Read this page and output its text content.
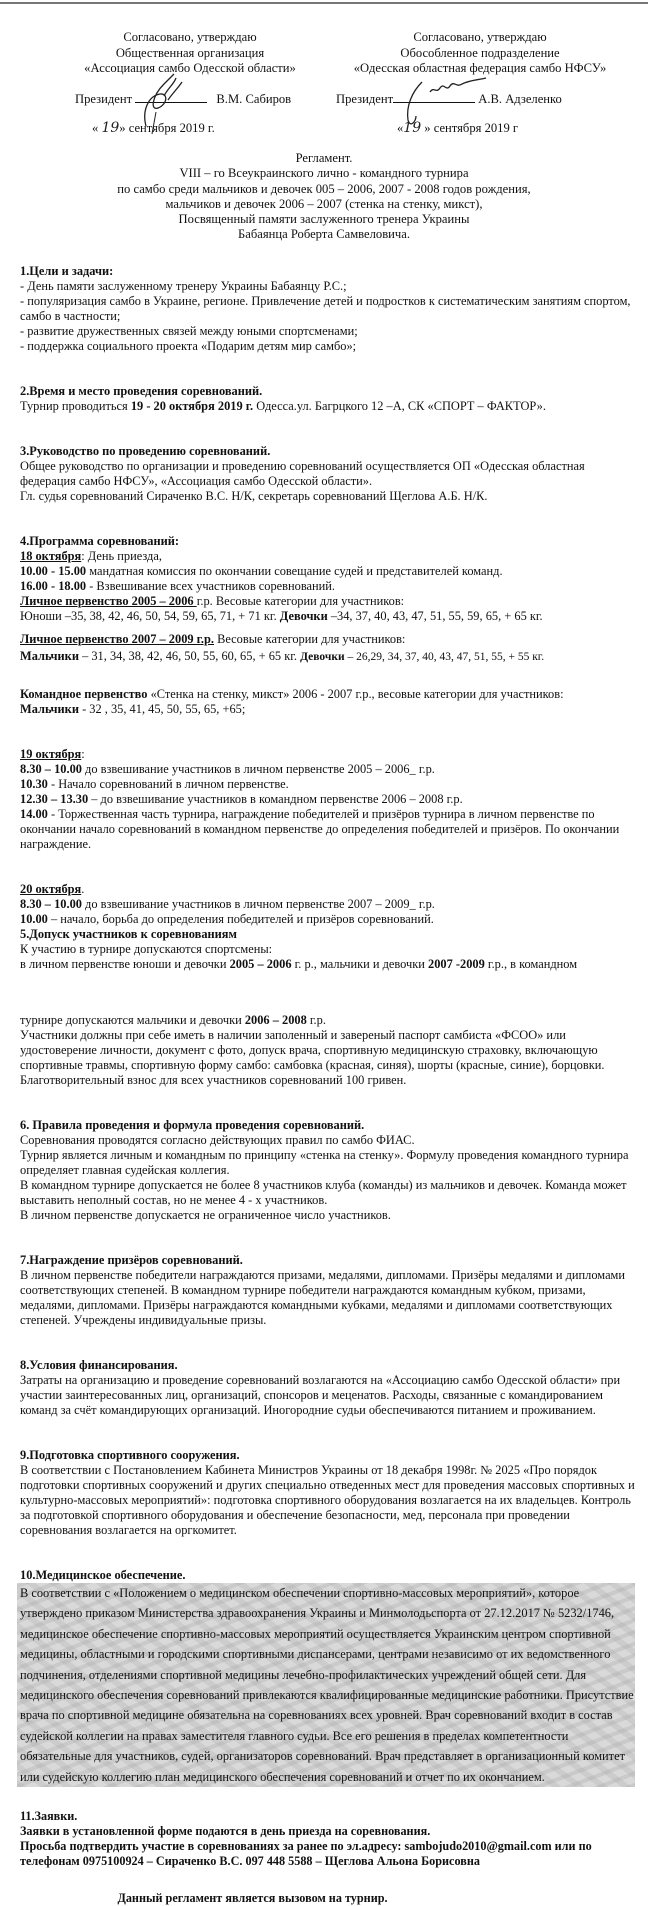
Согласовано, утверждаю

Общественная организация

«Ассоциация самбо Одесской области»

Президент	В.М. Сабиров
« 19» сентября 2019 г.

Согласовано, утверждаю

Обособленное подразделение

«Одесская областная федерация самбо НФСУ»

Президент	А.В. Адзеленко
«19 » сентября 2019 г

Регламент.

VIII – го Всеукраинского лично - командного турнира

по самбо среди мальчиков и девочек 005 – 2006, 2007 - 2008 годов рождения,

мальчиков и девочек 2006 – 2007 (стенка на стенку, микст),

Посвященный памяти заслуженного тренера Украины

Бабаянца Роберта Самвеловича.

1.Цели и задачи:

- День памяти заслуженному тренеру Украины Бабаянцу Р.С.;

- популяризация самбо в Украине, регионе. Привлечение детей и подростков к систематическим занятиям спортом, самбо в частности;

- развитие дружественных связей между юными спортсменами;

- поддержка социального проекта «Подарим детям мир самбо»;

2.Время и место проведения соревнований.

Турнир проводиться 19 - 20 октября 2019 г. Одесса.ул. Багрцкого 12 –А, СК «СПОРТ – ФАКТОР».

3.Руководство по проведению соревнований.

Общее руководство по организации и проведению соревнований осуществляется ОП «Одесская областная федерация самбо НФСУ», «Ассоциация самбо Одесской области».

Гл. судья соревнований Сираченко В.С. Н/К, секретарь соревнований Щеглова А.Б. Н/К.

4.Программа соревнований:

18 октября: День приезда,

10.00 - 15.00 мандатная комиссия по окончании совещание судей и представителей команд.

16.00 - 18.00 - Взвешивание всех участников соревнований.

Личное первенство 2005 – 2006 г.р. Весовые категории для участников:

Юноши –35, 38, 42, 46, 50, 54, 59, 65, 71, + 71 кг. Девочки –34, 37, 40, 43, 47, 51, 55, 59, 65, + 65 кг.

Личное первенство 2007 – 2009 г.р. Весовые категории для участников:

Мальчики – 31, 34, 38, 42, 46, 50, 55, 60, 65, + 65 кг. Девочки – 26,29, 34, 37, 40, 43, 47, 51, 55, + 55 кг.

Командное первенство «Стенка на стенку, микст» 2006 - 2007 г.р., весовые категории для участников:

Мальчики - 32 , 35, 41, 45, 50, 55, 65, +65;

19 октября:

8.30 – 10.00 до взвешивание участников в личном первенстве 2005 – 2006_ г.р.

10.30 - Начало соревнований в личном первенстве.

12.30 – 13.30 – до взвешивание участников в командном первенстве 2006 – 2008 г.р.

14.00 - Торжественная часть турнира, награждение победителей и призёров турнира в личном первенстве по окончании начало соревнований в командном первенстве до определения победителей и призёров. По окончании награждение.

20 октября.

8.30 – 10.00 до взвешивание участников в личном первенстве 2007 – 2009_ г.р.

10.00 – начало, борьба до определения победителей и призёров соревнований.

5.Допуск участников к соревнованиям

К участию в турнире допускаются спортсмены:

в личном первенстве юноши и девочки 2005 – 2006 г. р., мальчики и девочки 2007 -2009 г.р., в командном

турнире допускаются мальчики и девочки 2006 – 2008 г.р.

Участники должны при себе иметь в наличии заполенный и завереный паспорт самбиста «ФСОО» или удостоверение личности, документ с фото, допуск врача, спортивную медицинскую страховку, включающую спортивные травмы, спортивную форму самбо: самбовка (красная, синяя), шорты (красные, синие), борцовки. Благотворительный взнос для всех участников соревнований 100 гривен.

6. Правила проведения и формула проведения соревнований.

Соревнования проводятся согласно действующих правил по самбо ФИАС.

Турнир является личным и командным по принципу «стенка на стенку». Формулу проведения командного турнира определяет главная судейская коллегия.

В командном турнире допускается не более 8 участников клуба (команды) из мальчиков и девочек. Команда может выставить неполный состав, но не менее 4 - х участников.

В личном первенстве допускается не ограниченное число участников.

7.Награждение призёров соревнований.

В личном первенстве победители награждаются призами, медалями, дипломами. Призёры медалями и дипломами соответствующих степеней. В командном турнире победители награждаются командным кубком, призами, медалями, дипломами. Призёры награждаются командными кубками, медалями и дипломами соответствующих степеней. Учреждены индивидуальные призы.

8.Условия финансирования.

Затраты на организацию и проведение соревнований возлагаются на «Ассоциацию самбо Одесской области» при участии заинтересованных лиц, организаций, спонсоров и меценатов. Расходы, связанные с командированием команд за счёт командирующих организаций. Иногородние судьи обеспечиваются питанием и проживанием.

9.Подготовка спортивного сооружения.

В соответствии с Постановлением Кабинета Министров Украины от 18 декабря 1998г. № 2025 «Про порядок подготовки спортивных сооружений и других специально отведенных мест для проведения массовых спортивных и культурно-массовых мероприятий»: подготовка спортивного оборудования возлагается на их владельцев. Контроль за подготовкой спортивного оборудования и обеспечение безопасности, мед, персонала при проведении соревнования возлагается на оргкомитет.

10.Медицинское обеспечение.

В соответствии с «Положением о медицинском обеспечении спортивно-массовых мероприятий», которое утверждено приказом Министерства здравоохранения Украины и Минмолодьспорта от 27.12.2017 № 5232/1746, медицинское обеспечение спортивно-массовых мероприятий осуществляется Украинским центром спортивной медицины, областными и городскими спортивными диспансерами, центрами независимо от их ведомственного подчинения, отделениями спортивной медицины лечебно-профилактических учреждений общей сети. Для медицинского обеспечения соревнований привлекаются квалифицированные медицинские работники. Присутствие врача по спортивной медицине обязательна на соревнованиях всех уровней. Врач соревнований входит в состав судейской коллегии на правах заместителя главного судьи. Все его решения в пределах компетентности обязательные для участников, судей, организаторов соревнований. Врач представляет в организационный комитет или судейскую коллегию план медицинского обеспечения соревнований и отчет по их окончанием.

11.Заявки.

Заявки в установленной форме подаются в день приезда на соревнования.

Просьба подтвердить участие в соревнованиях за ранее по эл.адресу: sambojudo2010@gmail.com или по телефонам 0975100924 – Сираченко В.С. 097 448 5588 – Щеглова Альона Борисовна

Данный регламент является вызовом на турнир.
